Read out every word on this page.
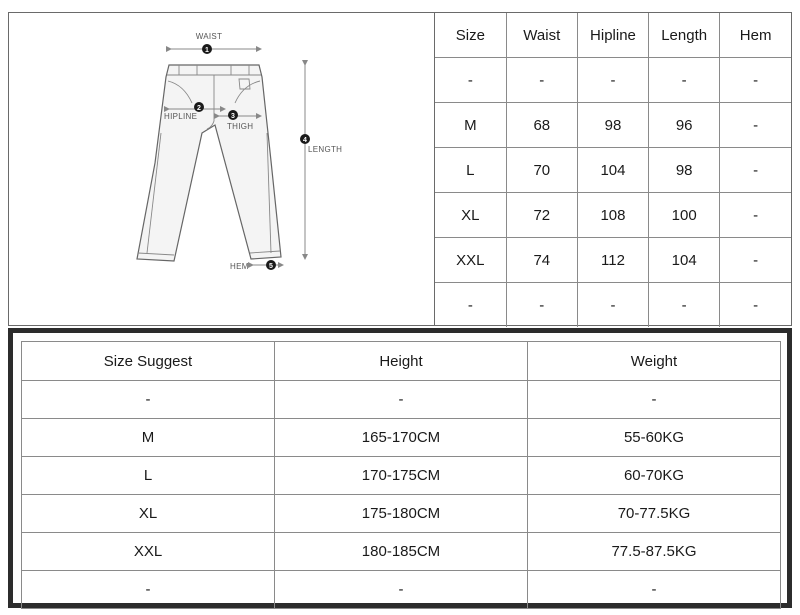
WAIST
1
HIPLINE
2
THIGH
3
LENGTH
4
HEM	5
Size	Waist	Hipline	Length	Hem
-	-	-	-	-
M	68	98	96	-
L	70	104	98	-
XL	72	108	100	-
XXL	74	112	104	-
-	-	-	-	-
Size Suggest	Height	Weight
-	-	-
M	165-170CM	55-60KG
L	170-175CM	60-70KG
XL	175-180CM	70-77.5KG
XXL	180-185CM	77.5-87.5KG
-	-	-
